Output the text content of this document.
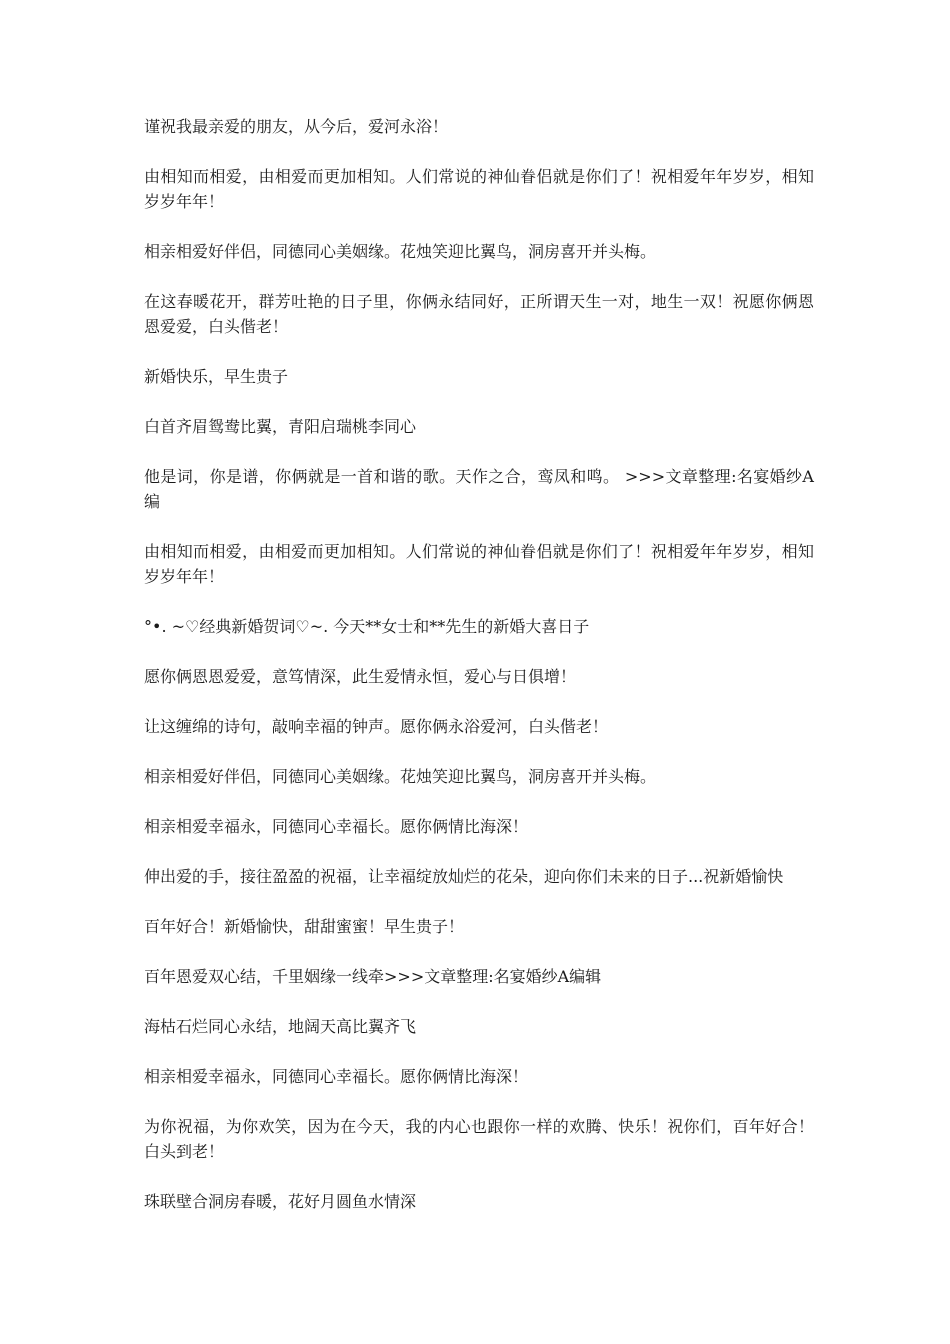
谨祝我最亲爱的朋友，从今后，爱河永浴！

由相知而相爱，由相爱而更加相知。人们常说的神仙眷侣就是你们了！祝相爱年年岁岁，相知岁岁年年！

相亲相爱好伴侣，同德同心美姻缘。花烛笑迎比翼鸟，洞房喜开并头梅。

在这春暖花开，群芳吐艳的日子里，你俩永结同好，正所谓天生一对，地生一双！祝愿你俩恩恩爱爱，白头偕老！

新婚快乐，早生贵子

白首齐眉鸳鸯比翼，青阳启瑞桃李同心

他是词，你是谱，你俩就是一首和谐的歌。天作之合，鸾凤和鸣。 >>>文章整理:名宴婚纱A编

由相知而相爱，由相爱而更加相知。人们常说的神仙眷侣就是你们了！祝相爱年年岁岁，相知岁岁年年！

°•. ~♡经典新婚贺词♡~. 今天**女士和**先生的新婚大喜日子

愿你俩恩恩爱爱，意笃情深，此生爱情永恒，爱心与日俱增！

让这缠绵的诗句，敲响幸福的钟声。愿你俩永浴爱河，白头偕老！

相亲相爱好伴侣，同德同心美姻缘。花烛笑迎比翼鸟，洞房喜开并头梅。

相亲相爱幸福永，同德同心幸福长。愿你俩情比海深！

伸出爱的手，接往盈盈的祝福，让幸福绽放灿烂的花朵，迎向你们未来的日子...祝新婚愉快

百年好合！新婚愉快，甜甜蜜蜜！早生贵子！

百年恩爱双心结，千里姻缘一线牵>>>文章整理:名宴婚纱A编辑

海枯石烂同心永结，地阔天高比翼齐飞

相亲相爱幸福永，同德同心幸福长。愿你俩情比海深！

为你祝福，为你欢笑，因为在今天，我的内心也跟你一样的欢腾、快乐！祝你们，百年好合！白头到老！

珠联壁合洞房春暖，花好月圆鱼水情深
